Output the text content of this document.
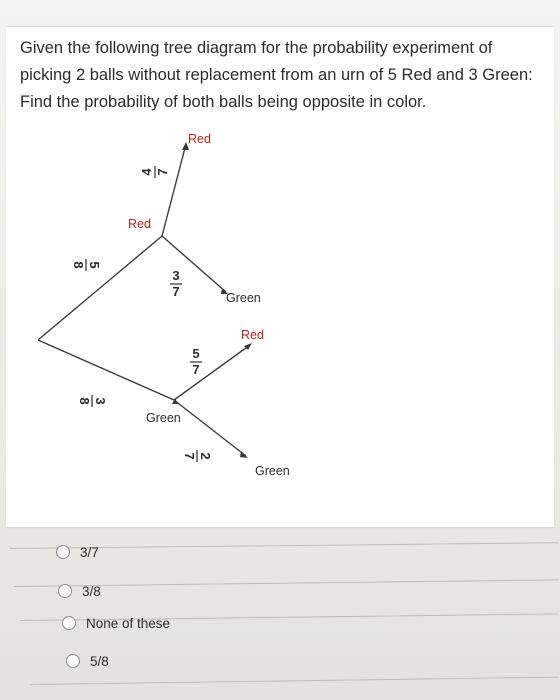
Given the following tree diagram for the probability experiment of picking 2 balls without replacement from an urn of 5 Red and 3 Green: Find the probability of both balls being opposite in color.

Red
Red
Green
Red
Green
Green
4 7
5
8
3
7
5
7
3
8
2
7
3/7
3/8
None of these
5/8
